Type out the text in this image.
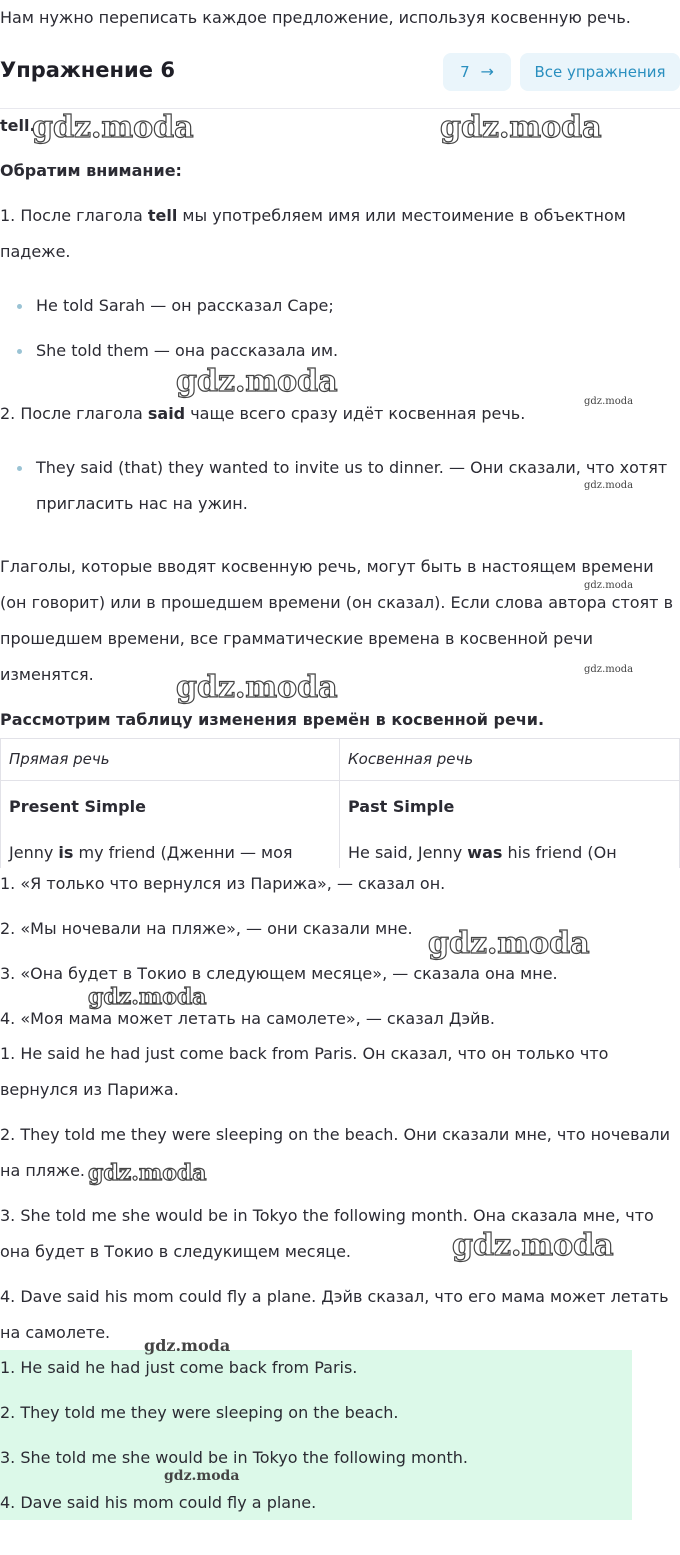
Нам нужно переписать каждое предложение, используя косвенную речь.
Упражнение 6	7 →	Все упражнения
tell.
Обратим внимание:
1. После глагола tell мы употребляем имя или местоимение в объектном
падеже.
He told Sarah — он рассказал Саре;
She told them — она рассказала им.
2. После глагола said чаще всего сразу идёт косвенная речь.
They said (that) they wanted to invite us to dinner. — Они сказали, что хотят
пригласить нас на ужин.
Глаголы, которые вводят косвенную речь, могут быть в настоящем времени
(он говорит) или в прошедшем времени (он сказал). Если слова автора стоят в
прошедшем времени, все грамматические времена в косвенной речи
изменятся.
Рассмотрим таблицу изменения времён в косвенной речи.
Прямая речь	Косвенная речь
Present Simple	Past Simple
Jenny is my friend (Дженни — моя	He said, Jenny was his friend (Он
1. «Я только что вернулся из Парижа», — сказал он.
2. «Мы ночевали на пляже», — они сказали мне.
3. «Она будет в Токио в следующем месяце», — сказала она мне.
4. «Моя мама может летать на самолете», — сказал Дэйв.
1. He said he had just come back from Paris. Он сказал, что он только что
вернулся из Парижа.
2. They told me they were sleeping on the beach. Они сказали мне, что ночевали
на пляже.
3. She told me she would be in Tokyo the following month. Она сказала мне, что
она будет в Токио в следукищем месяце.
4. Dave said his mom could fly a plane. Дэйв сказал, что его мама может летать
на самолете.
1. He said he had just come back from Paris.
2. They told me they were sleeping on the beach.
3. She told me she would be in Tokyo the following month.
4. Dave said his mom could fly a plane.
gdz.moda	gdz.moda
gdz.moda
gdz.moda
gdz.moda
gdz.moda
gdz.moda
gdz.moda
gdz.moda
gdz.moda
gdz.moda
gdz.moda
gdz.moda
gdz.moda
